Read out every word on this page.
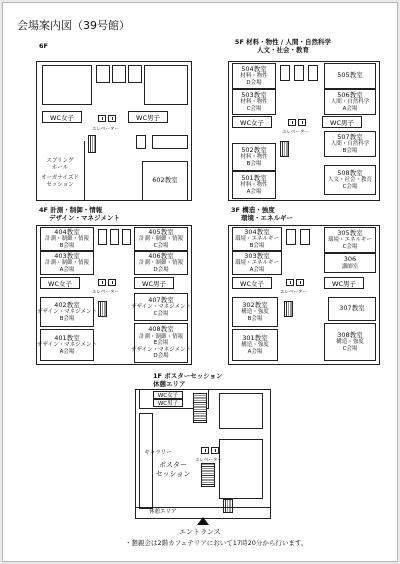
会場案内図（39号館）
6F
WC女子	WC男子
エレベーター
スプリング
ホール
オーガナイズド
セッション
602教室
5F 材料・物性 / 人間・自然科学
人文・社会・教育
504教室
材料・物性
D会場
503教室
材料・物性
C会場
505教室
506教室
人間・自然科学
A会場
WC女子	WC男子
エレベーター
502教室
材料・物性
B会場
501教室
材料・物性
A会場
507教室
人間・自然科学
B会場
508教室
人文・社会・教育
C会場
4F 計測・制御・情報
デザイン・マネジメント
404教室
計測・制御・情報
B会場
403教室
計測・制御・情報
A会場
405教室
計測・制御・情報
C会場
406教室
計測・制御・情報
D会場
WC女子	WC男子
エレベーター
402教室
デザイン・マネジメント
B会場
401教室
デザイン・マネジメント
A会場
407教室
デザイン・マネジメント
C会場
408教室
計測・制御・情報
E会場
デザイン・マネジメント
D会場
3F 構造・強度
環境・エネルギー
304教室
環境・エネルギー
B会場
303教室
環境・エネルギー
A会場
305教室
環境・エネルギー
C会場
306
講師室
WC女子	WC男子
エレベーター
302教室
構造・強度
B会場
301教室
構造・強度
A会場
307教室
308教室
構造・強度
C会場
1F ポスターセッション
休憩エリア
WC女子
WC男子
ギャラリー
ポスター
セッション
エレベーター
休憩エリア
エントランス
・懇親会は2階カフェテリアにおいて17時20分から行います。
